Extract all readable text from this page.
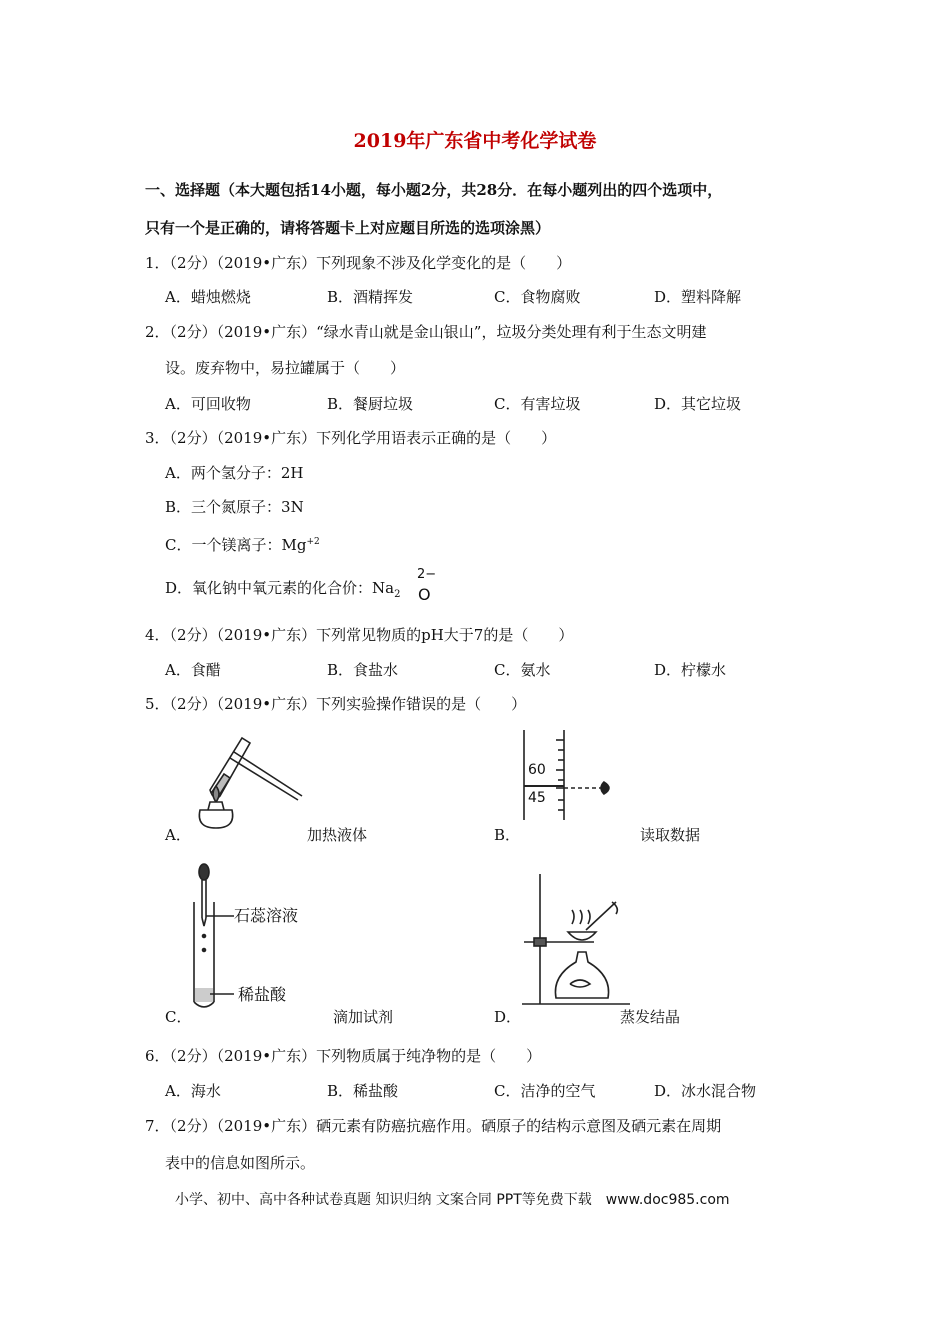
2019年广东省中考化学试卷
一、选择题（本大题包括14小题，每小题2分，共28分．在每小题列出的四个选项中，
只有一个是正确的，请将答题卡上对应题目所选的选项涂黑）
1．（2分）（2019•广东）下列现象不涉及化学变化的是（　　）
A．蜡烛燃烧	B．酒精挥发	C．食物腐败	D．塑料降解
2．（2分）（2019•广东）“绿水青山就是金山银山”，垃圾分类处理有利于生态文明建
设。废弃物中，易拉罐属于（　　）
A．可回收物	B．餐厨垃圾	C．有害垃圾	D．其它垃圾
3．（2分）（2019•广东）下列化学用语表示正确的是（　　）
A．两个氢分子：2H
B．三个氮原子：3N
C．一个镁离子：$Mg^{+2}$
D．氧化钠中氧元素的化合价：$Na_2$
2−
O
4．（2分）（2019•广东）下列常见物质的pH大于7的是（　　）
A．食醋	B．食盐水	C．氨水	D．柠檬水
5．（2分）（2019•广东）下列实验操作错误的是（　　）
A．	加热液体
60
45
B．	读取数据
石蕊溶液
稀盐酸
C．	滴加试剂	D．	蒸发结晶
6．（2分）（2019•广东）下列物质属于纯净物的是（　　）
A．海水	B．稀盐酸	C．洁净的空气	D．冰水混合物
7．（2分）（2019•广东）硒元素有防癌抗癌作用。硒原子的结构示意图及硒元素在周期
表中的信息如图所示。
小学、初中、高中各种试卷真题 知识归纳 文案合同 PPT等免费下载　www.doc985.com
